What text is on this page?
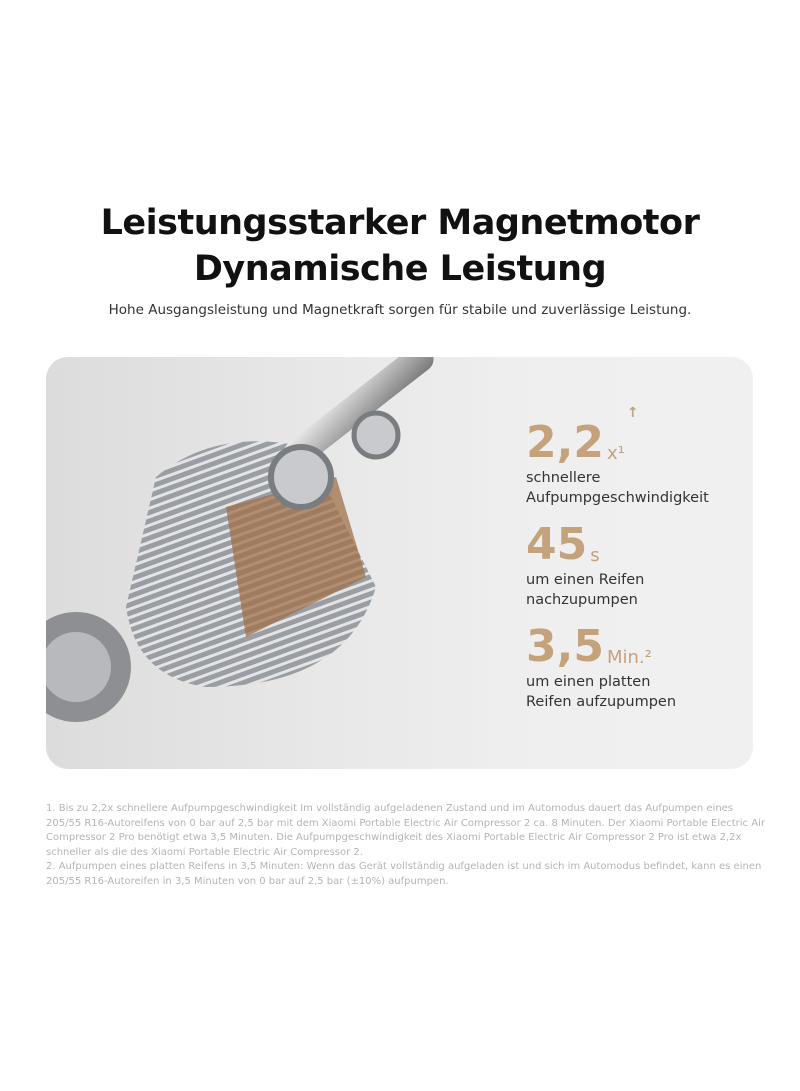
Leistungsstarker Magnetmotor
Dynamische Leistung
Hohe Ausgangsleistung und Magnetkraft sorgen für stabile und zuverlässige Leistung.
2,2 x¹
↑
schnellere
Aufpumpgeschwindigkeit
45 s
um einen Reifen
nachzupumpen
3,5 Min.²
um einen platten
Reifen aufzupumpen
1. Bis zu 2,2x schnellere Aufpumpgeschwindigkeit Im vollständig aufgeladenen Zustand und im Automodus dauert das Aufpumpen eines 205/55 R16-Autoreifens von 0 bar auf 2,5 bar mit dem Xiaomi Portable Electric Air Compressor 2 ca. 8 Minuten. Der Xiaomi Portable Electric Air Compressor 2 Pro benötigt etwa 3,5 Minuten. Die Aufpumpgeschwindigkeit des Xiaomi Portable Electric Air Compressor 2 Pro ist etwa 2,2x schneller als die des Xiaomi Portable Electric Air Compressor 2.
2. Aufpumpen eines platten Reifens in 3,5 Minuten: Wenn das Gerät vollständig aufgeladen ist und sich im Automodus befindet, kann es einen 205/55 R16-Autoreifen in 3,5 Minuten von 0 bar auf 2,5 bar (±10%) aufpumpen.
